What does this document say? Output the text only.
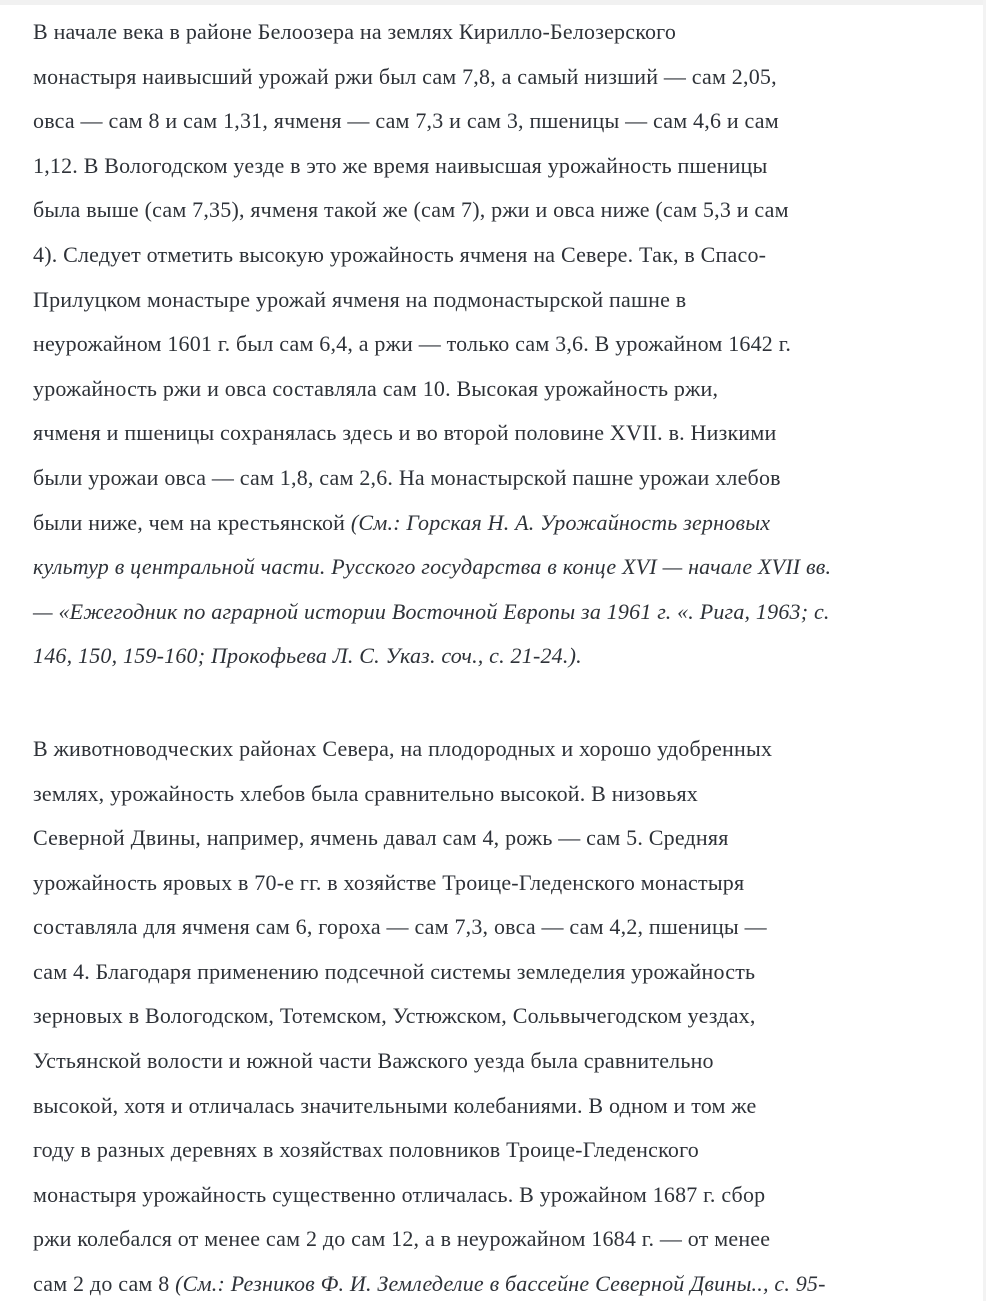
В начале века в районе Белоозера на землях Кирилло-Белозерского
монастыря наивысший урожай ржи был сам 7,8, а самый низший — сам 2,05,
овса — сам 8 и сам 1,31, ячменя — сам 7,3 и сам 3, пшеницы — сам 4,6 и сам
1,12. В Вологодском уезде в это же время наивысшая урожайность пшеницы
была выше (сам 7,35), ячменя такой же (сам 7), ржи и овса ниже (сам 5,3 и сам
4). Следует отметить высокую урожайность ячменя на Севере. Так, в Спасо-
Прилуцком монастыре урожай ячменя на подмонастырской пашне в
неурожайном 1601 г. был сам 6,4, а ржи — только сам 3,6. В урожайном 1642 г.
урожайность ржи и овса составляла сам 10. Высокая урожайность ржи,
ячменя и пшеницы сохранялась здесь и во второй половине XVII. в. Низкими
были урожаи овса — сам 1,8, сам 2,6. На монастырской пашне урожаи хлебов
были ниже, чем на крестьянской (См.: Горская Н. А. Урожайность зерновых
культур в центральной части. Русского государства в конце XVI — начале XVII вв.
— «Ежегодник по аграрной истории Восточной Европы за 1961 г. «. Рига, 1963; с.
146, 150, 159-160; Прокофьева Л. С. Указ. соч., с. 21-24.).

В животноводческих районах Севера, на плодородных и хорошо удобренных
землях, урожайность хлебов была сравнительно высокой. В низовьях
Северной Двины, например, ячмень давал сам 4, рожь — сам 5. Средняя
урожайность яровых в 70-е гг. в хозяйстве Троице-Гледенского монастыря
составляла для ячменя сам 6, гороха — сам 7,3, овса — сам 4,2, пшеницы —
сам 4. Благодаря применению подсечной системы земледелия урожайность
зерновых в Вологодском, Тотемском, Устюжском, Сольвычегодском уездах,
Устьянской волости и южной части Важского уезда была сравнительно
высокой, хотя и отличалась значительными колебаниями. В одном и том же
году в разных деревнях в хозяйствах половников Троице-Гледенского
монастыря урожайность существенно отличалась. В урожайном 1687 г. сбор
ржи колебался от менее сам 2 до сам 12, а в неурожайном 1684 г. — от менее
сам 2 до сам 8 (См.: Резников Ф. И. Земледелие в бассейне Северной Двины.., с. 95-
